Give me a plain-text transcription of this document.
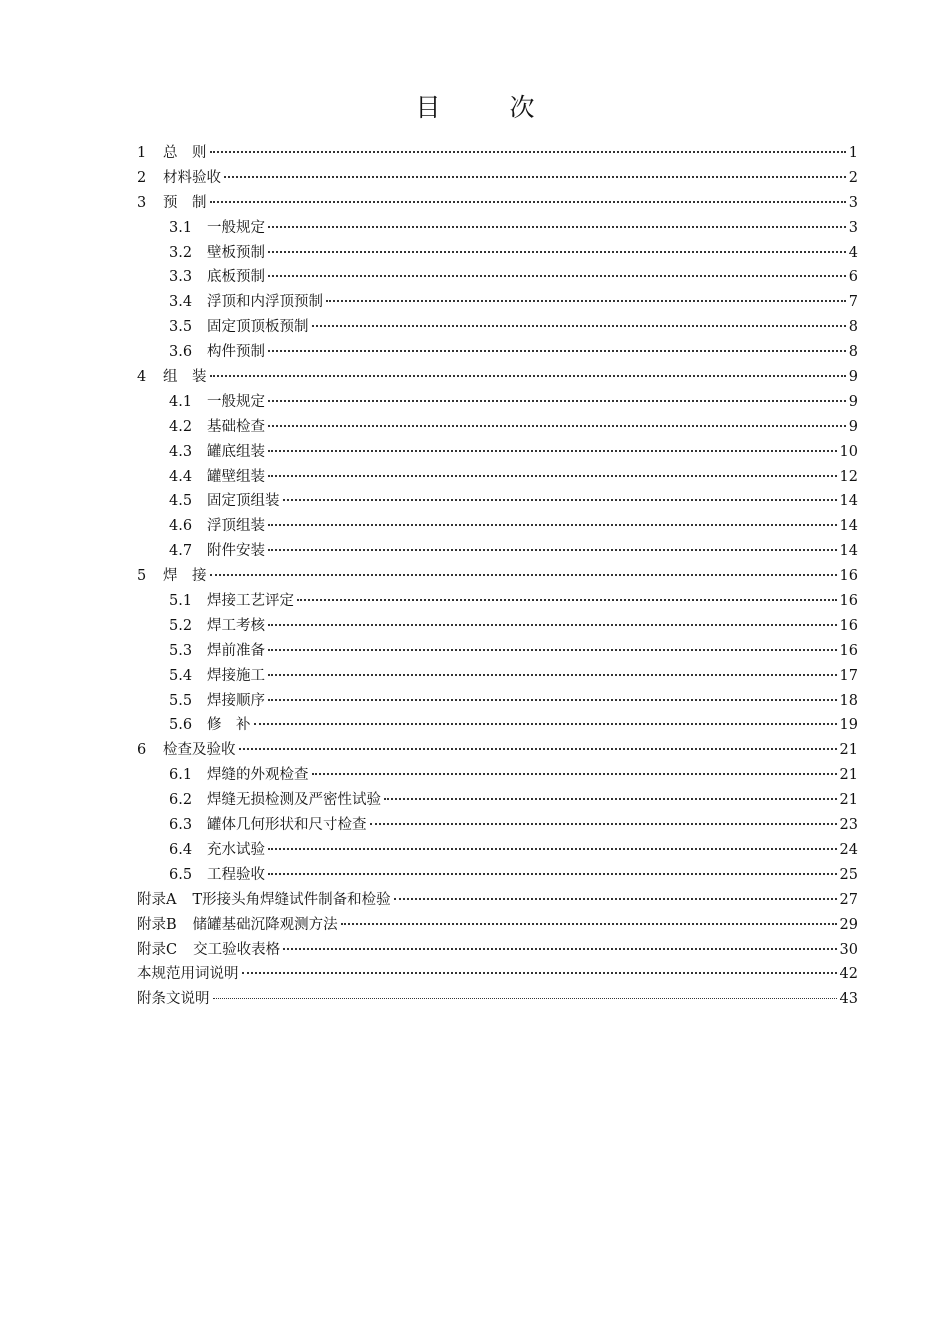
目　次
1	总　则	1
2	材料验收	2
3	预　制	3
3.1	一般规定	3
3.2	壁板预制	4
3.3	底板预制	6
3.4	浮顶和内浮顶预制	7
3.5	固定顶顶板预制	8
3.6	构件预制	8
4	组　装	9
4.1	一般规定	9
4.2	基础检查	9
4.3	罐底组装	10
4.4	罐壁组装	12
4.5	固定顶组装	14
4.6	浮顶组装	14
4.7	附件安装	14
5	焊　接	16
5.1	焊接工艺评定	16
5.2	焊工考核	16
5.3	焊前准备	16
5.4	焊接施工	17
5.5	焊接顺序	18
5.6	修　补	19
6	检查及验收	21
6.1	焊缝的外观检查	21
6.2	焊缝无损检测及严密性试验	21
6.3	罐体几何形状和尺寸检查	23
6.4	充水试验	24
6.5	工程验收	25
附录A T形接头角焊缝试件制备和检验	27
附录B 储罐基础沉降观测方法	29
附录C 交工验收表格	30
本规范用词说明	42
附条文说明	43
